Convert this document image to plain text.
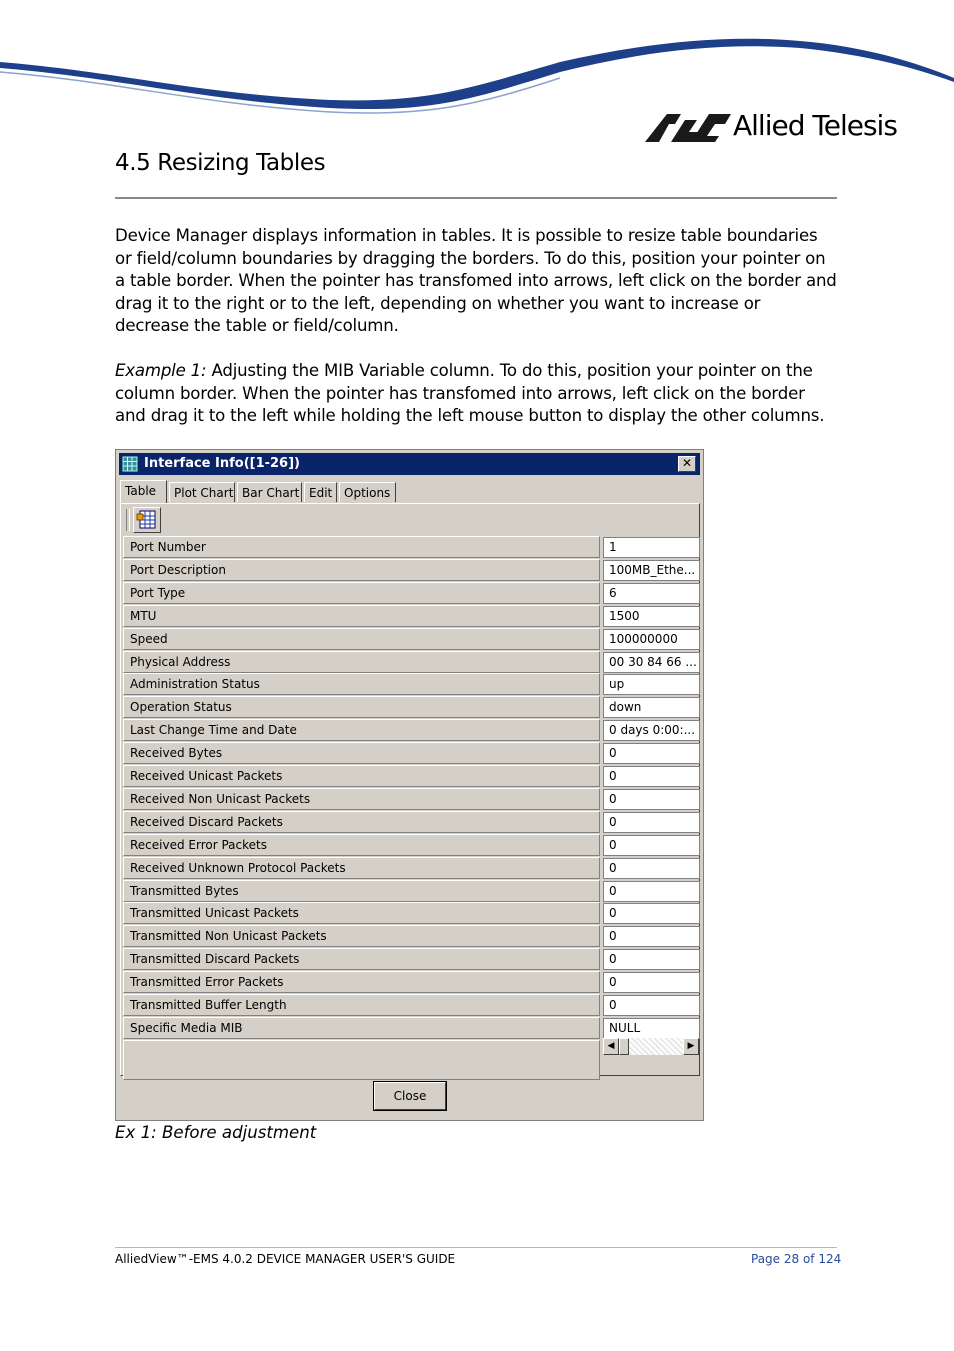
Allied Telesis
4.5 Resizing Tables
Device Manager displays information in tables. It is possible to resize table boundaries or field/column boundaries by dragging the borders. To do this, position your pointer on a table border. When the pointer has transfomed into arrows, left click on the border and drag it to the right or to the left, depending on whether you want to increase or decrease the table or field/column.
Example 1: Adjusting the MIB Variable column. To do this, position your pointer on the column border. When the pointer has transfomed into arrows, left click on the border and drag it to the left while holding the left mouse button to display the other columns.
Interface Info([1-26])	✕
Table	Plot Chart Bar Chart Edit Options
Port Number	1
Port Description	100MB_Ethe...
Port Type	6
MTU	1500
Speed	100000000
Physical Address	00 30 84 66 ...
Administration Status	up
Operation Status	down
Last Change Time and Date	0 days 0:00:...
Received Bytes	0
Received Unicast Packets	0
Received Non Unicast Packets	0
Received Discard Packets	0
Received Error Packets	0
Received Unknown Protocol Packets	0
Transmitted Bytes	0
Transmitted Unicast Packets	0
Transmitted Non Unicast Packets	0
Transmitted Discard Packets	0
Transmitted Error Packets	0
Transmitted Buffer Length	0
Specific Media MIB	NULL
◀	▶
Close
Ex 1: Before adjustment
AlliedView™-EMS 4.0.2 DEVICE MANAGER USER'S GUIDE	Page 28 of 124
